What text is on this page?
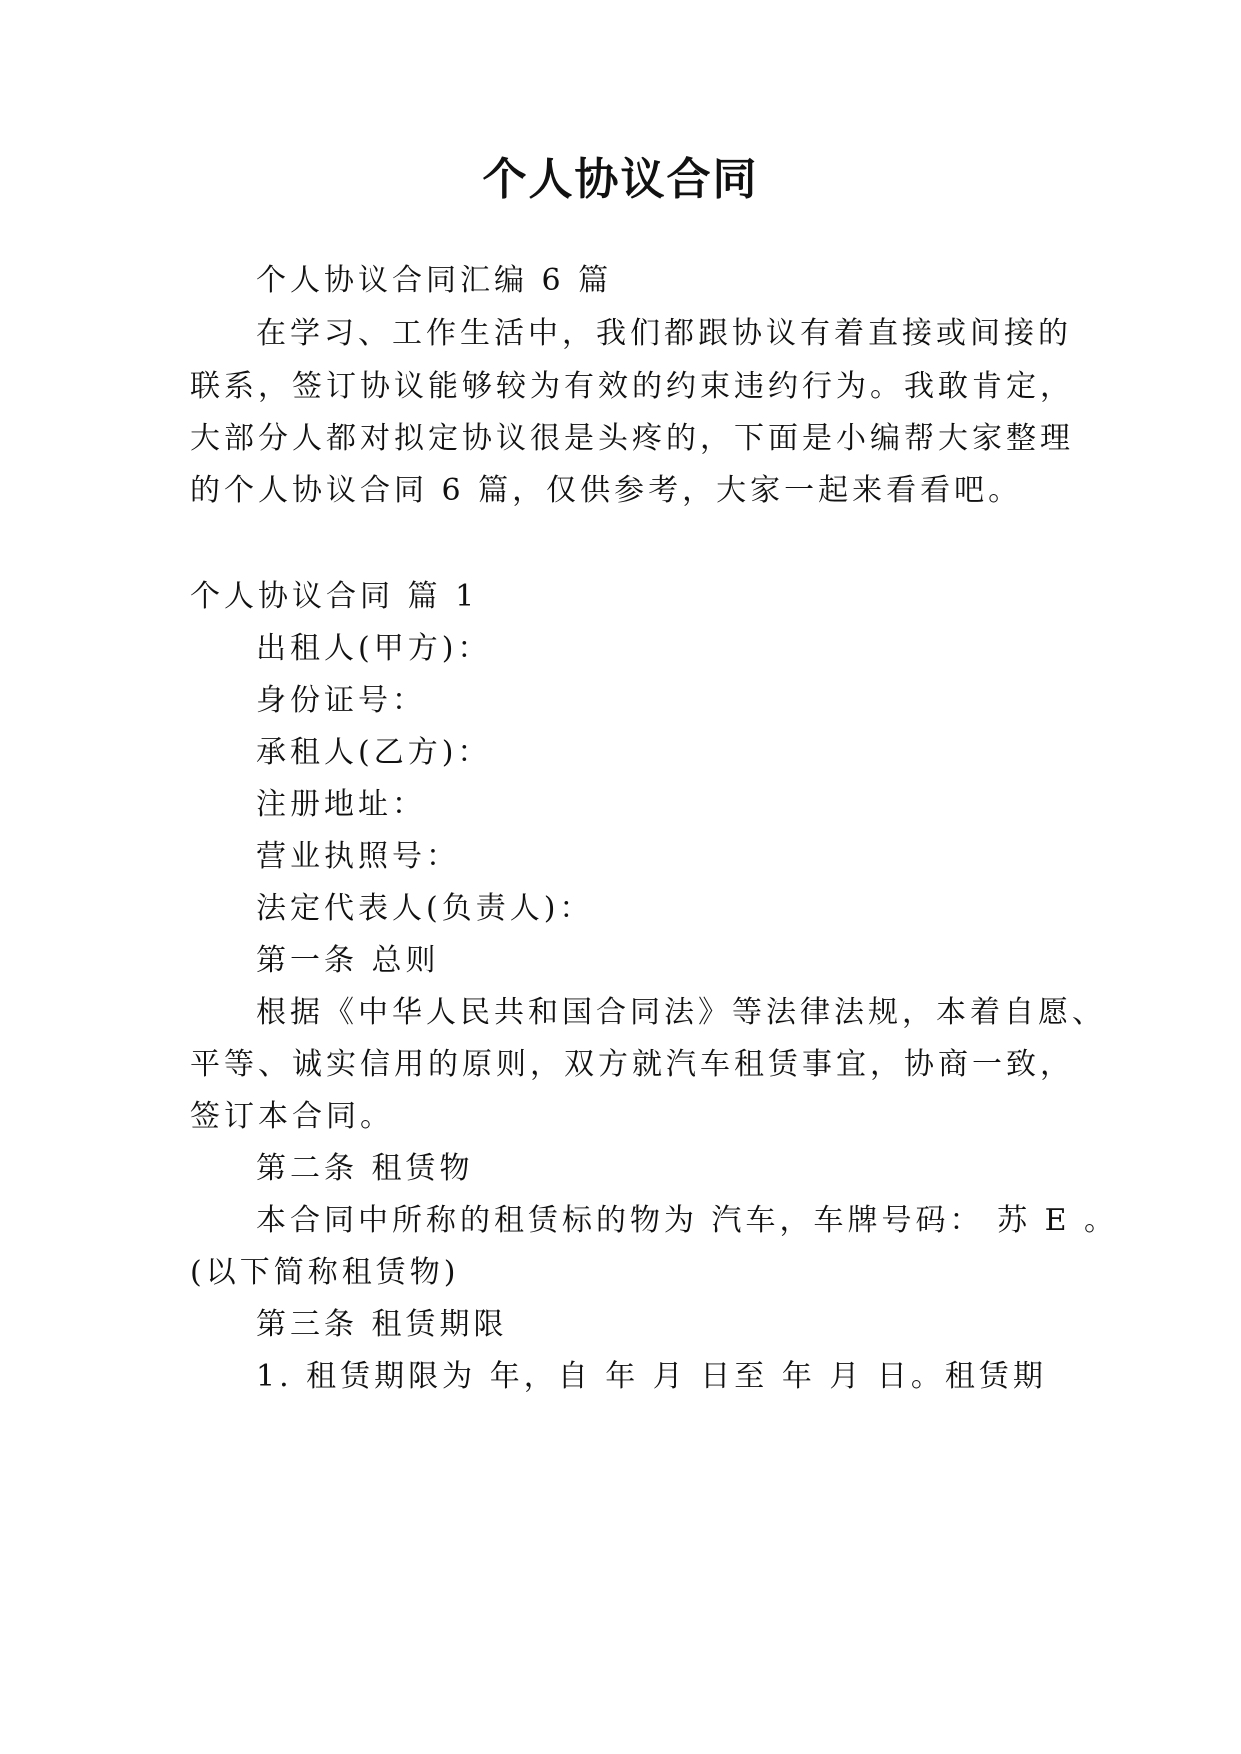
个人协议合同
个人协议合同汇编 6 篇
在学习、工作生活中，我们都跟协议有着直接或间接的
联系，签订协议能够较为有效的约束违约行为。我敢肯定，
大部分人都对拟定协议很是头疼的，下面是小编帮大家整理
的个人协议合同 6 篇，仅供参考，大家一起来看看吧。
个人协议合同 篇 1
出租人(甲方)：
身份证号：
承租人(乙方)：
注册地址：
营业执照号：
法定代表人(负责人)：
第一条 总则
根据《中华人民共和国合同法》等法律法规，本着自愿、
平等、诚实信用的原则，双方就汽车租赁事宜，协商一致，
签订本合同。
第二条 租赁物
本合同中所称的租赁标的物为 汽车，车牌号码： 苏 E 。
(以下简称租赁物)
第三条 租赁期限
1. 租赁期限为 年，自 年 月 日至 年 月 日。租赁期
